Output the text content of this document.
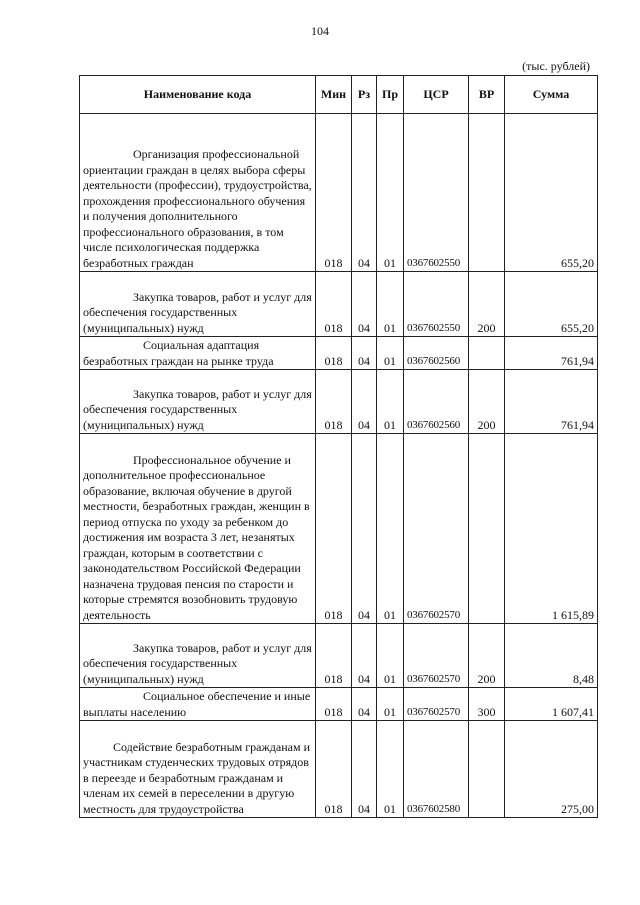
104
(тыс. рублей)
Наименование кода	Мин	Рз	Пр	ЦСР	ВР	Сумма

Организация профессиональной ориентации граждан в целях выбора сферы деятельности (профессии), трудоустройства, прохождения профессионального обучения и получения дополнительного профессионального образования, в том числе психологическая поддержка безработных граждан	018	04	01	0367602550		655,20

Закупка товаров, работ и услуг для обеспечения государственных (муниципальных) нужд	018	04	01	0367602550	200	655,20

Социальная адаптация безработных граждан на рынке труда	018	04	01	0367602560		761,94

Закупка товаров, работ и услуг для обеспечения государственных (муниципальных) нужд	018	04	01	0367602560	200	761,94

Профессиональное обучение и дополнительное профессиональное образование, включая обучение в другой местности, безработных граждан, женщин в период отпуска по уходу за ребенком до достижения им возраста 3 лет, незанятых граждан, которым в соответствии с законодательством Российской Федерации назначена трудовая пенсия по старости и которые стремятся возобновить трудовую деятельность	018	04	01	0367602570		1 615,89

Закупка товаров, работ и услуг для обеспечения государственных (муниципальных) нужд	018	04	01	0367602570	200	8,48

Социальное обеспечение и иные выплаты населению	018	04	01	0367602570	300	1 607,41

Содействие безработным гражданам и участникам студенческих трудовых отрядов в переезде и безработным гражданам и членам их семей в переселении в другую местность для трудоустройства	018	04	01	0367602580		275,00
